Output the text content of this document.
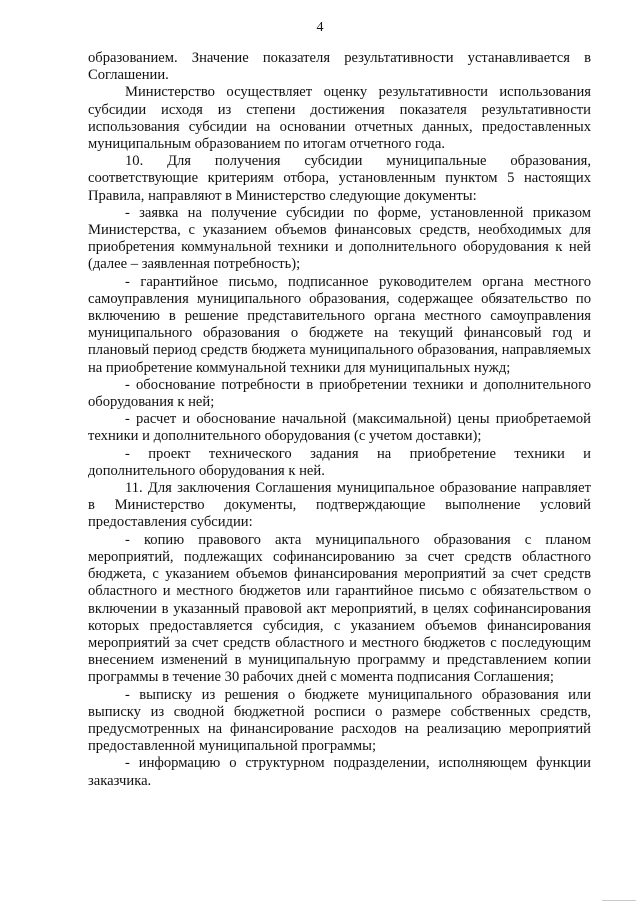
4

образованием. Значение показателя результативности устанавливается в Соглашении.

Министерство осуществляет оценку результативности использования субсидии исходя из степени достижения показателя результативности использования субсидии на основании отчетных данных, предоставленных муниципальным образованием по итогам отчетного года.

10. Для получения субсидии муниципальные образования, соответствующие критериям отбора, установленным пунктом 5 настоящих Правила, направляют в Министерство следующие документы:

- заявка на получение субсидии по форме, установленной приказом Министерства, с указанием объемов финансовых средств, необходимых для приобретения коммунальной техники и дополнительного оборудования к ней (далее – заявленная потребность);

- гарантийное письмо, подписанное руководителем органа местного самоуправления муниципального образования, содержащее обязательство по включению в решение представительного органа местного самоуправления муниципального образования о бюджете на текущий финансовый год и плановый период средств бюджета муниципального образования, направляемых на приобретение коммунальной техники для муниципальных нужд;

- обоснование потребности в приобретении техники и дополнительного оборудования к ней;

- расчет и обоснование начальной (максимальной) цены приобретаемой техники и дополнительного оборудования (с учетом доставки);

- проект технического задания на приобретение техники и дополнительного оборудования к ней.

11. Для заключения Соглашения муниципальное образование направляет в Министерство документы, подтверждающие выполнение условий предоставления субсидии:

- копию правового акта муниципального образования с планом мероприятий, подлежащих софинансированию за счет средств областного бюджета, с указанием объемов финансирования мероприятий за счет средств областного и местного бюджетов или гарантийное письмо с обязательством о включении в указанный правовой акт мероприятий, в целях софинансирования которых предоставляется субсидия, с указанием объемов финансирования мероприятий за счет средств областного и местного бюджетов с последующим внесением изменений в муниципальную программу и представлением копии программы в течение 30 рабочих дней с момента подписания Соглашения;

- выписку из решения о бюджете муниципального образования или выписку из сводной бюджетной росписи о размере собственных средств, предусмотренных на финансирование расходов на реализацию мероприятий предоставленной муниципальной программы;

- информацию о структурном подразделении, исполняющем функции заказчика.
